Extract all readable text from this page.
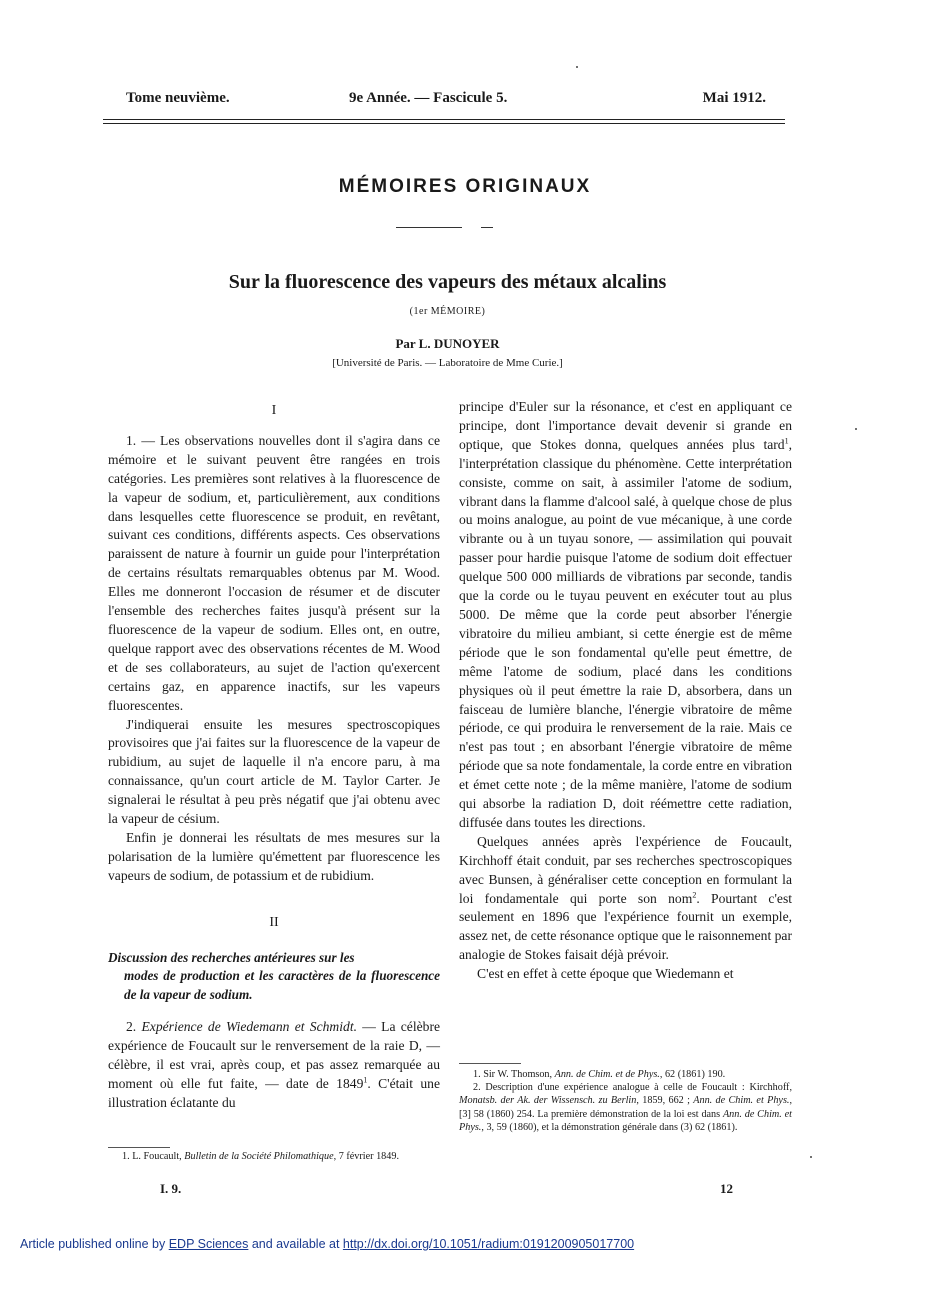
Tome neuvième.	9e Année. — Fascicule 5.	Mai 1912.
MÉMOIRES ORIGINAUX
Sur la fluorescence des vapeurs des métaux alcalins
(1er MÉMOIRE)
Par L. DUNOYER
[Université de Paris. — Laboratoire de Mme Curie.]
I

1. — Les observations nouvelles dont il s'agira dans ce mémoire et le suivant peuvent être rangées en trois catégories. Les premières sont relatives à la fluorescence de la vapeur de sodium, et, particulièrement, aux conditions dans lesquelles cette fluorescence se produit, en revêtant, suivant ces conditions, différents aspects. Ces observations paraissent de nature à fournir un guide pour l'interprétation de certains résultats remarquables obtenus par M. Wood. Elles me donneront l'occasion de résumer et de discuter l'ensemble des recherches faites jusqu'à présent sur la fluorescence de la vapeur de sodium. Elles ont, en outre, quelque rapport avec des observations récentes de M. Wood et de ses collaborateurs, au sujet de l'action qu'exercent certains gaz, en apparence inactifs, sur les vapeurs fluorescentes.

J'indiquerai ensuite les mesures spectroscopiques provisoires que j'ai faites sur la fluorescence de la vapeur de rubidium, au sujet de laquelle il n'a encore paru, à ma connaissance, qu'un court article de M. Taylor Carter. Je signalerai le résultat à peu près négatif que j'ai obtenu avec la vapeur de césium.

Enfin je donnerai les résultats de mes mesures sur la polarisation de la lumière qu'émettent par fluorescence les vapeurs de sodium, de potassium et de rubidium.

II
Discussion des recherches antérieures sur les
modes de production et les caractères de la fluorescence de la vapeur de sodium.

2. Expérience de Wiedemann et Schmidt. — La célèbre expérience de Foucault sur le renversement de la raie D, — célèbre, il est vrai, après coup, et pas assez remarquée au moment où elle fut faite, — date de 1849$^1$. C'était une illustration éclatante du

1. L. Foucault, Bulletin de la Société Philomathique, 7 février 1849.

principe d'Euler sur la résonance, et c'est en appliquant ce principe, dont l'importance devait devenir si grande en optique, que Stokes donna, quelques années plus tard$^1$, l'interprétation classique du phénomène. Cette interprétation consiste, comme on sait, à assimiler l'atome de sodium, vibrant dans la flamme d'alcool salé, à quelque chose de plus ou moins analogue, au point de vue mécanique, à une corde vibrante ou à un tuyau sonore, — assimilation qui pouvait passer pour hardie puisque l'atome de sodium doit effectuer quelque 500 000 milliards de vibrations par seconde, tandis que la corde ou le tuyau peuvent en exécuter tout au plus 5000. De même que la corde peut absorber l'énergie vibratoire du milieu ambiant, si cette énergie est de même période que le son fondamental qu'elle peut émettre, de même l'atome de sodium, placé dans les conditions physiques où il peut émettre la raie D, absorbera, dans un faisceau de lumière blanche, l'énergie vibratoire de même période, ce qui produira le renversement de la raie. Mais ce n'est pas tout ; en absorbant l'énergie vibratoire de même période que sa note fondamentale, la corde entre en vibration et émet cette note ; de la même manière, l'atome de sodium qui absorbe la radiation D, doit réémettre cette radiation, diffusée dans toutes les directions.

Quelques années après l'expérience de Foucault, Kirchhoff était conduit, par ses recherches spectroscopiques avec Bunsen, à généraliser cette conception en formulant la loi fondamentale qui porte son nom$^2$. Pourtant c'est seulement en 1896 que l'expérience fournit un exemple, assez net, de cette résonance optique que le raisonnement par analogie de Stokes faisait déjà prévoir.

C'est en effet à cette époque que Wiedemann et

1. Sir W. Thomson, Ann. de Chim. et de Phys., 62 (1861) 190.

2. Description d'une expérience analogue à celle de Foucault : Kirchhoff, Monatsb. der Ak. der Wissensch. zu Berlin, 1859, 662 ; Ann. de Chim. et Phys., [3] 58 (1860) 254. La première démonstration de la loi est dans Ann. de Chim. et Phys., 3, 59 (1860), et la démonstration générale dans (3) 62 (1861).

I. 9.	12
Article published online by EDP Sciences and available at http://dx.doi.org/10.1051/radium:0191200905017700
